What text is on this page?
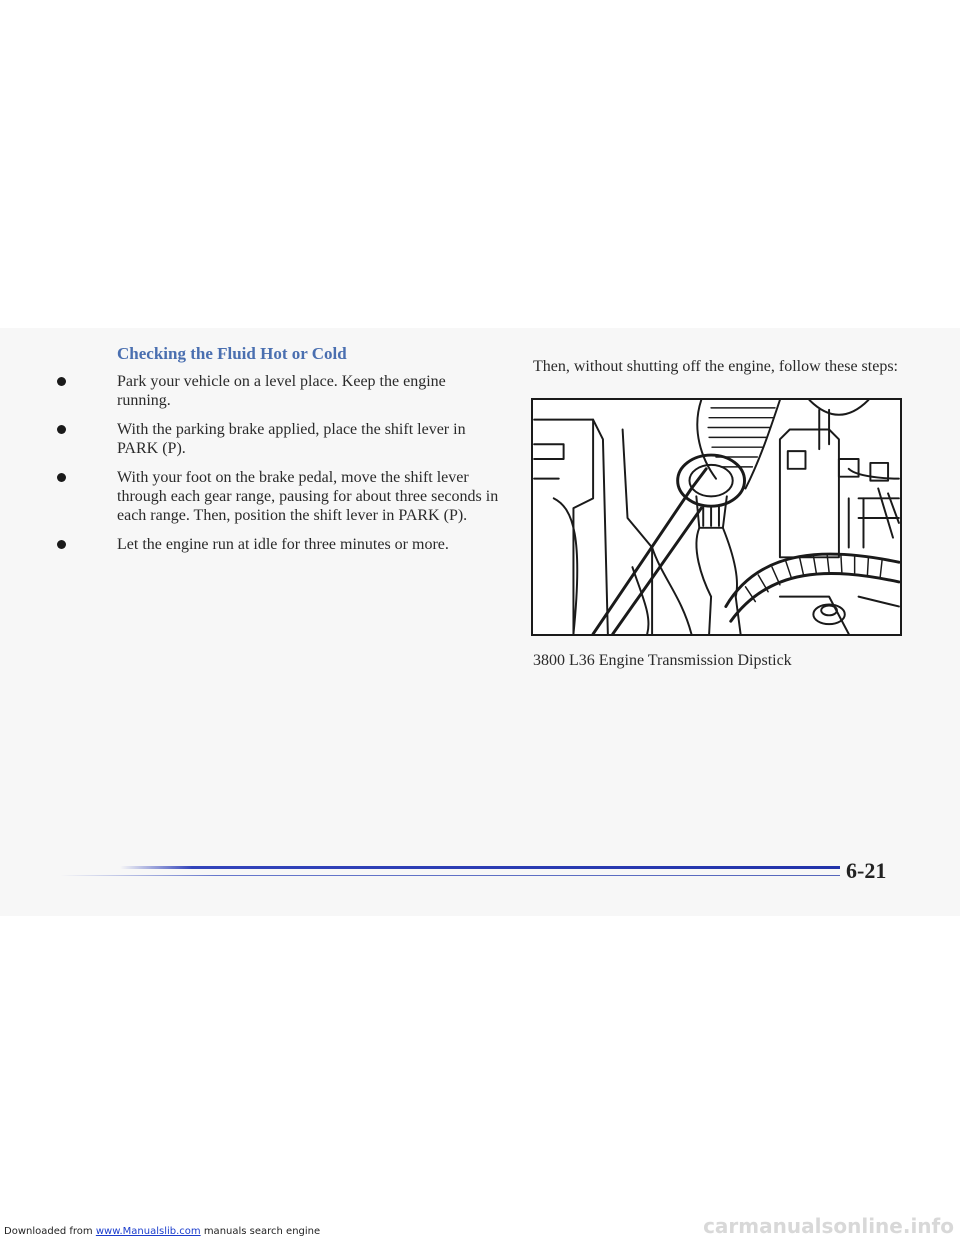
Checking the Fluid Hot or Cold
Park your vehicle on a level place. Keep the engine running.
With the parking brake applied, place the shift lever in PARK (P).
With your foot on the brake pedal, move the shift lever through each gear range, pausing for about three seconds in each range. Then, position the shift lever in PARK (P).
Let the engine run at idle for three minutes or more.

Then, without shutting off the engine, follow these steps:

3800 L36 Engine Transmission Dipstick

6-21
Downloaded from www.Manualslib.com manuals search engine	carmanualsonline.info
